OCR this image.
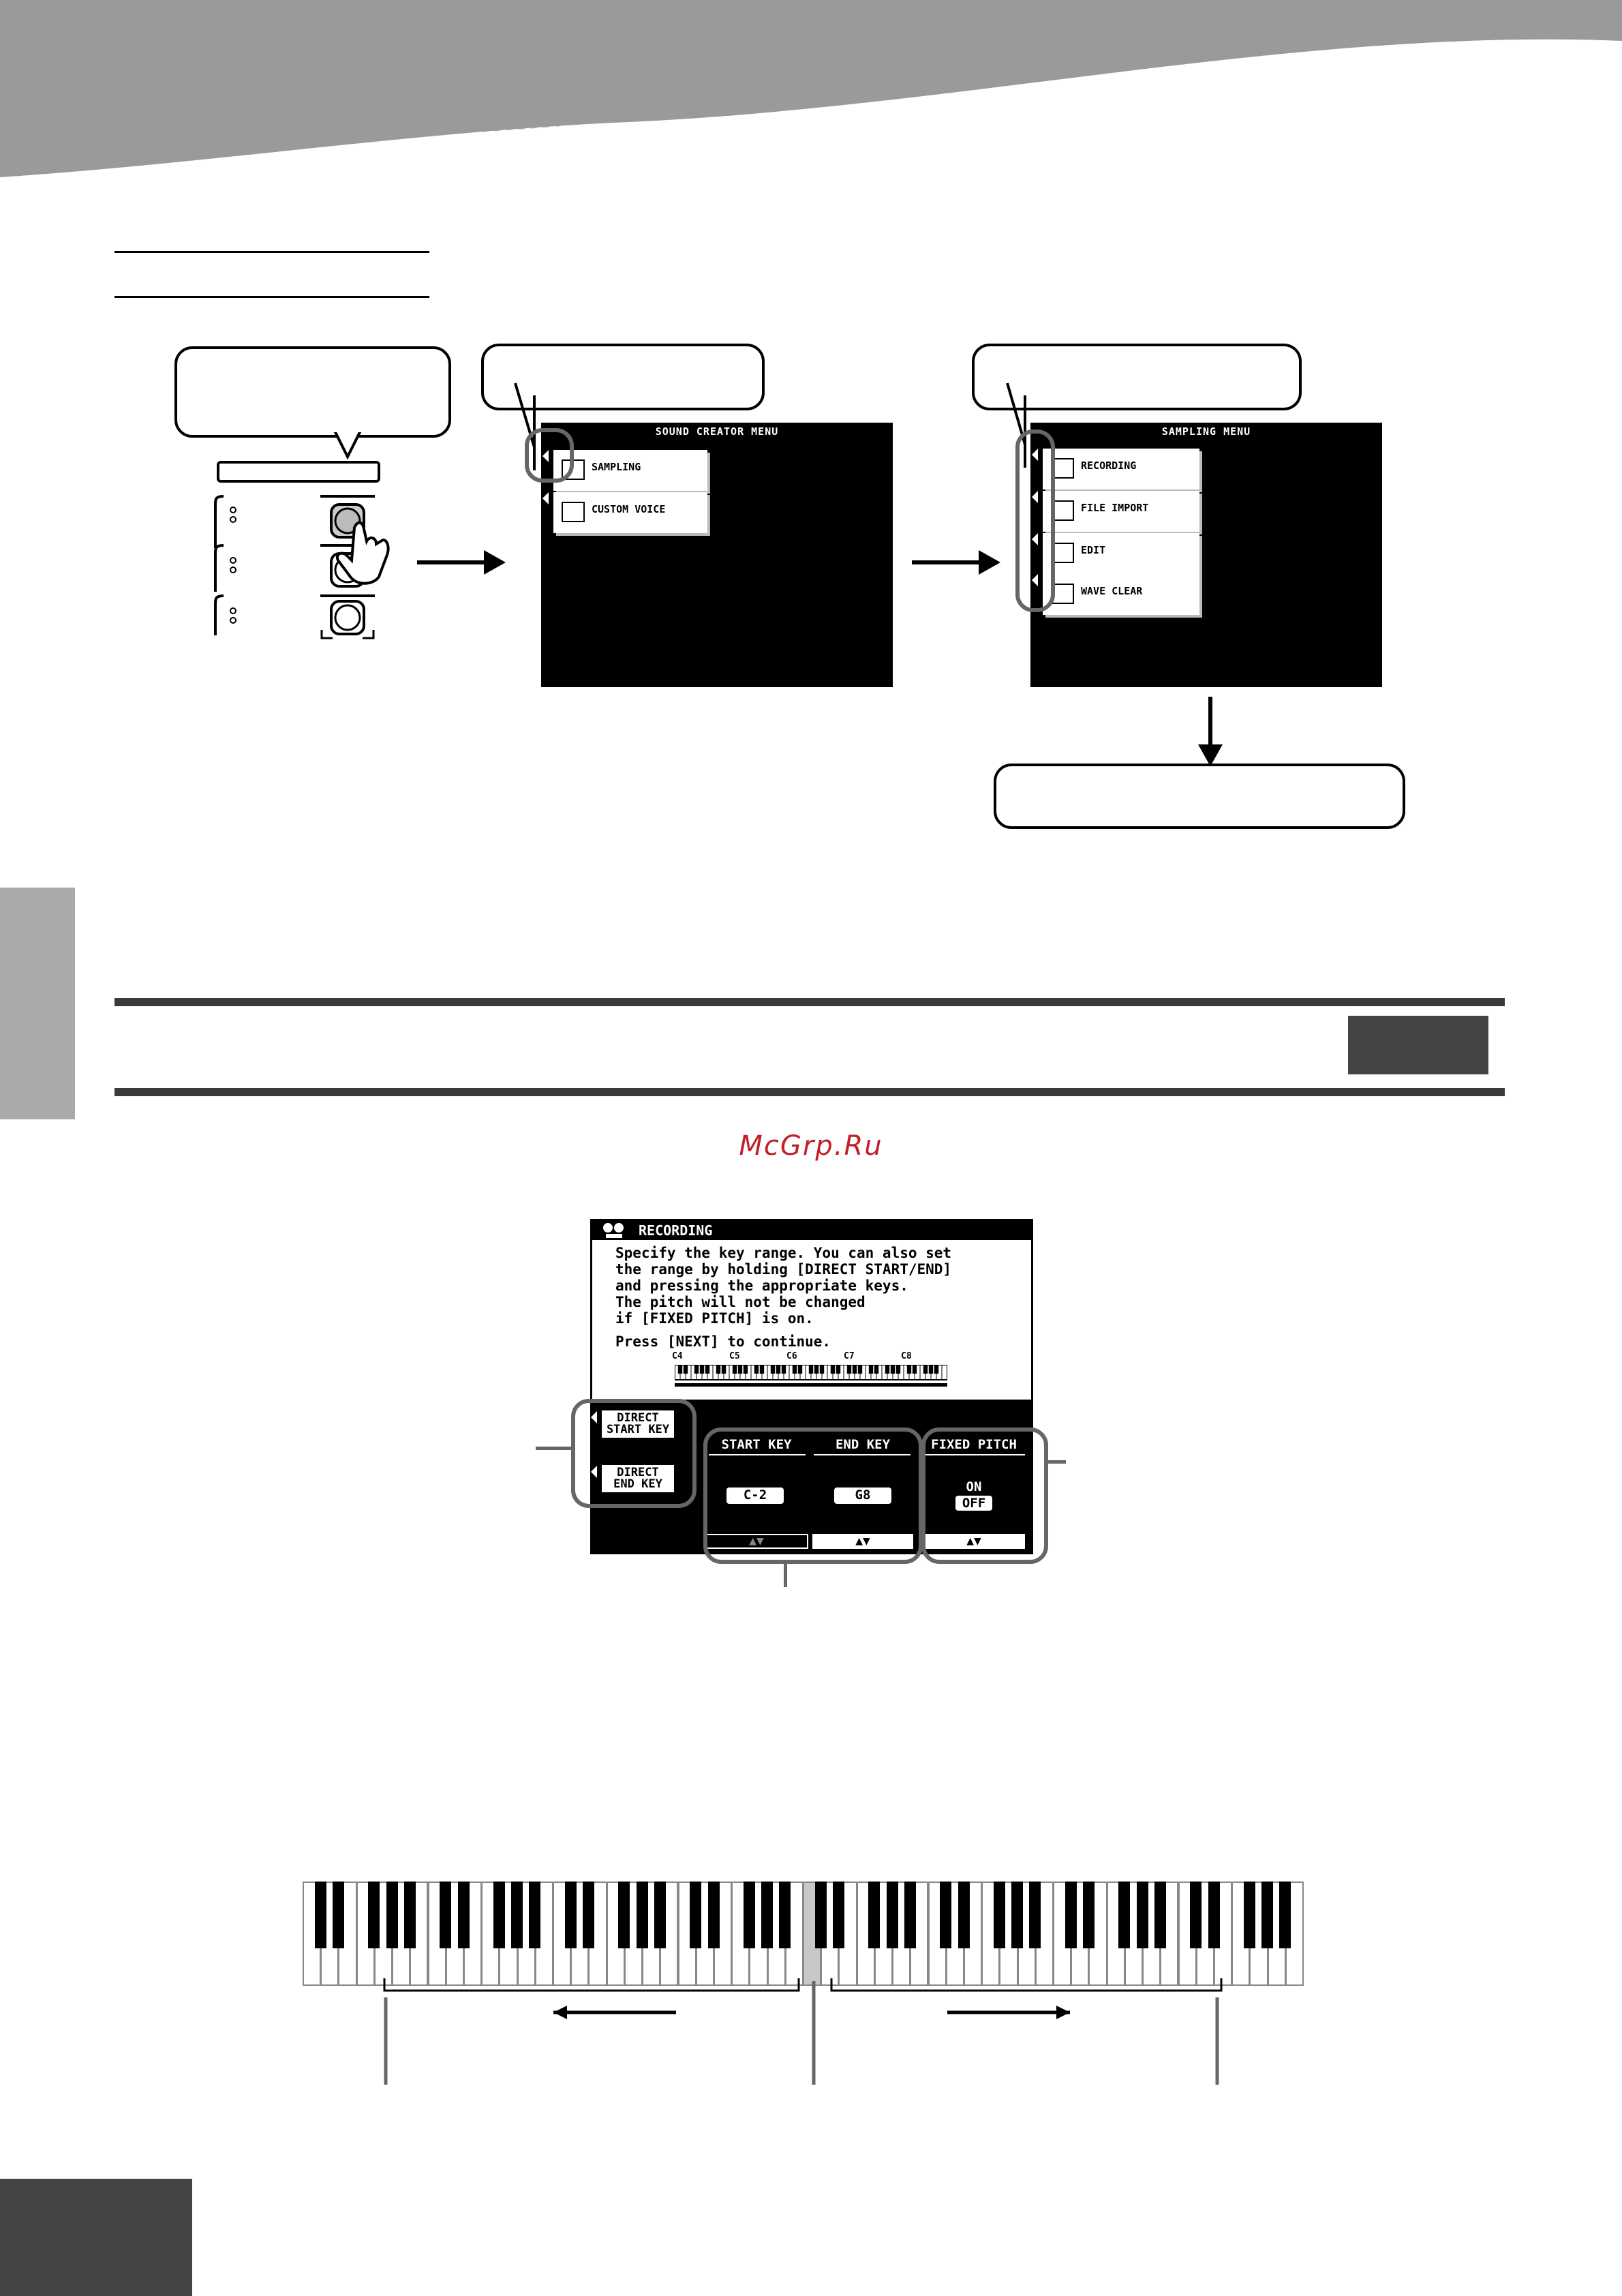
SOUND CREATOR MENU
SAMPLING
CUSTOM VOICE
SAMPLING MENU
RECORDING
FILE IMPORT
EDIT
WAVE CLEAR
McGrp.Ru
RECORDING
Specify the key range. You can also set
the range by holding [DIRECT START/END]
and pressing the appropriate keys.
The pitch will not be changed
if [FIXED PITCH] is on.
Press [NEXT] to continue.
C4	C5	C6	C7	C8
DIRECT
START KEY
DIRECT
END KEY
START KEY
C-2
▲▼
END KEY
G8
▲▼
FIXED PITCH
ON
OFF
▲▼
